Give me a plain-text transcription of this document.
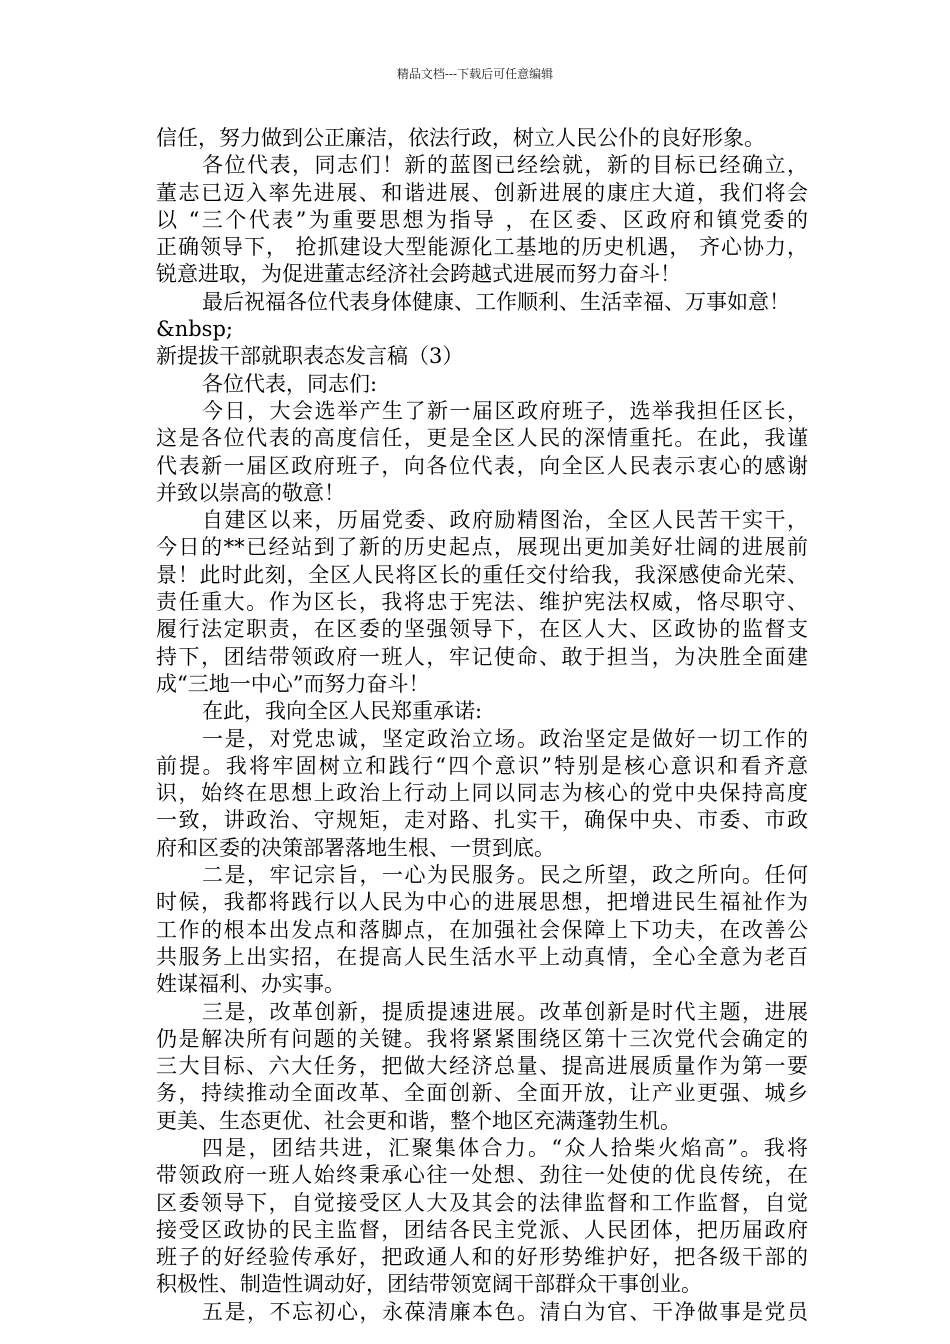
精品文档---下载后可任意编辑
信任，努力做到公正廉洁，依法行政，树立人民公仆的良好形象。
各位代表，同志们！新的蓝图已经绘就，新的目标已经确立，
董志已迈入率先进展、和谐进展、创新进展的康庄大道，我们将会
以 “三个代表”为重要思想为指导 ，在区委、区政府和镇党委的
正确领导下， 抢抓建设大型能源化工基地的历史机遇， 齐心协力，
锐意进取，为促进董志经济社会跨越式进展而努力奋斗！
最后祝福各位代表身体健康、工作顺利、生活幸福、万事如意！
&nbsp;
新提拔干部就职表态发言稿（3）
各位代表，同志们:
今日，大会选举产生了新一届区政府班子，选举我担任区长，
这是各位代表的高度信任，更是全区人民的深情重托。在此，我谨
代表新一届区政府班子，向各位代表，向全区人民表示衷心的感谢
并致以崇高的敬意！
自建区以来，历届党委、政府励精图治，全区人民苦干实干，
今日的**已经站到了新的历史起点，展现出更加美好壮阔的进展前
景！此时此刻，全区人民将区长的重任交付给我，我深感使命光荣、
责任重大。作为区长，我将忠于宪法、维护宪法权威，恪尽职守、
履行法定职责，在区委的坚强领导下，在区人大、区政协的监督支
持下，团结带领政府一班人，牢记使命、敢于担当，为决胜全面建
成“三地一中心”而努力奋斗！
在此，我向全区人民郑重承诺:
一是，对党忠诚，坚定政治立场。政治坚定是做好一切工作的
前提。我将牢固树立和践行“四个意识”特别是核心意识和看齐意
识，始终在思想上政治上行动上同以同志为核心的党中央保持高度
一致，讲政治、守规矩，走对路、扎实干，确保中央、市委、市政
府和区委的决策部署落地生根、一贯到底。
二是，牢记宗旨，一心为民服务。民之所望，政之所向。任何
时候，我都将践行以人民为中心的进展思想，把增进民生福祉作为
工作的根本出发点和落脚点，在加强社会保障上下功夫，在改善公
共服务上出实招，在提高人民生活水平上动真情，全心全意为老百
姓谋福利、办实事。
三是，改革创新，提质提速进展。改革创新是时代主题，进展
仍是解决所有问题的关键。我将紧紧围绕区第十三次党代会确定的
三大目标、六大任务，把做大经济总量、提高进展质量作为第一要
务，持续推动全面改革、全面创新、全面开放，让产业更强、城乡
更美、生态更优、社会更和谐，整个地区充满蓬勃生机。
四是，团结共进，汇聚集体合力。“众人拾柴火焰高”。我将
带领政府一班人始终秉承心往一处想、劲往一处使的优良传统，在
区委领导下，自觉接受区人大及其会的法律监督和工作监督，自觉
接受区政协的民主监督，团结各民主党派、人民团体，把历届政府
班子的好经验传承好，把政通人和的好形势维护好，把各级干部的
积极性、制造性调动好，团结带领宽阔干部群众干事创业。
五是，不忘初心，永葆清廉本色。清白为官、干净做事是党员
